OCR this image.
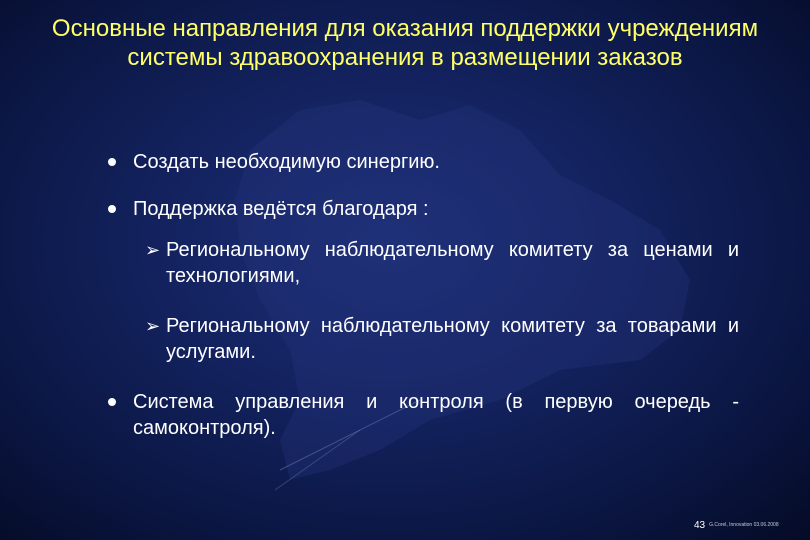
Основные направления для оказания поддержки учреждениям системы здравоохранения в размещении заказов
Создать необходимую синергию.
Поддержка ведётся благодаря :
➢ Региональному наблюдательному комитету за ценами и технологиями,
➢ Региональному наблюдательному комитету за товарами и услугами.
Система управления и контроля (в первую очередь - самоконтроля).
43 G.Corel, Innovation 03.06.2008
